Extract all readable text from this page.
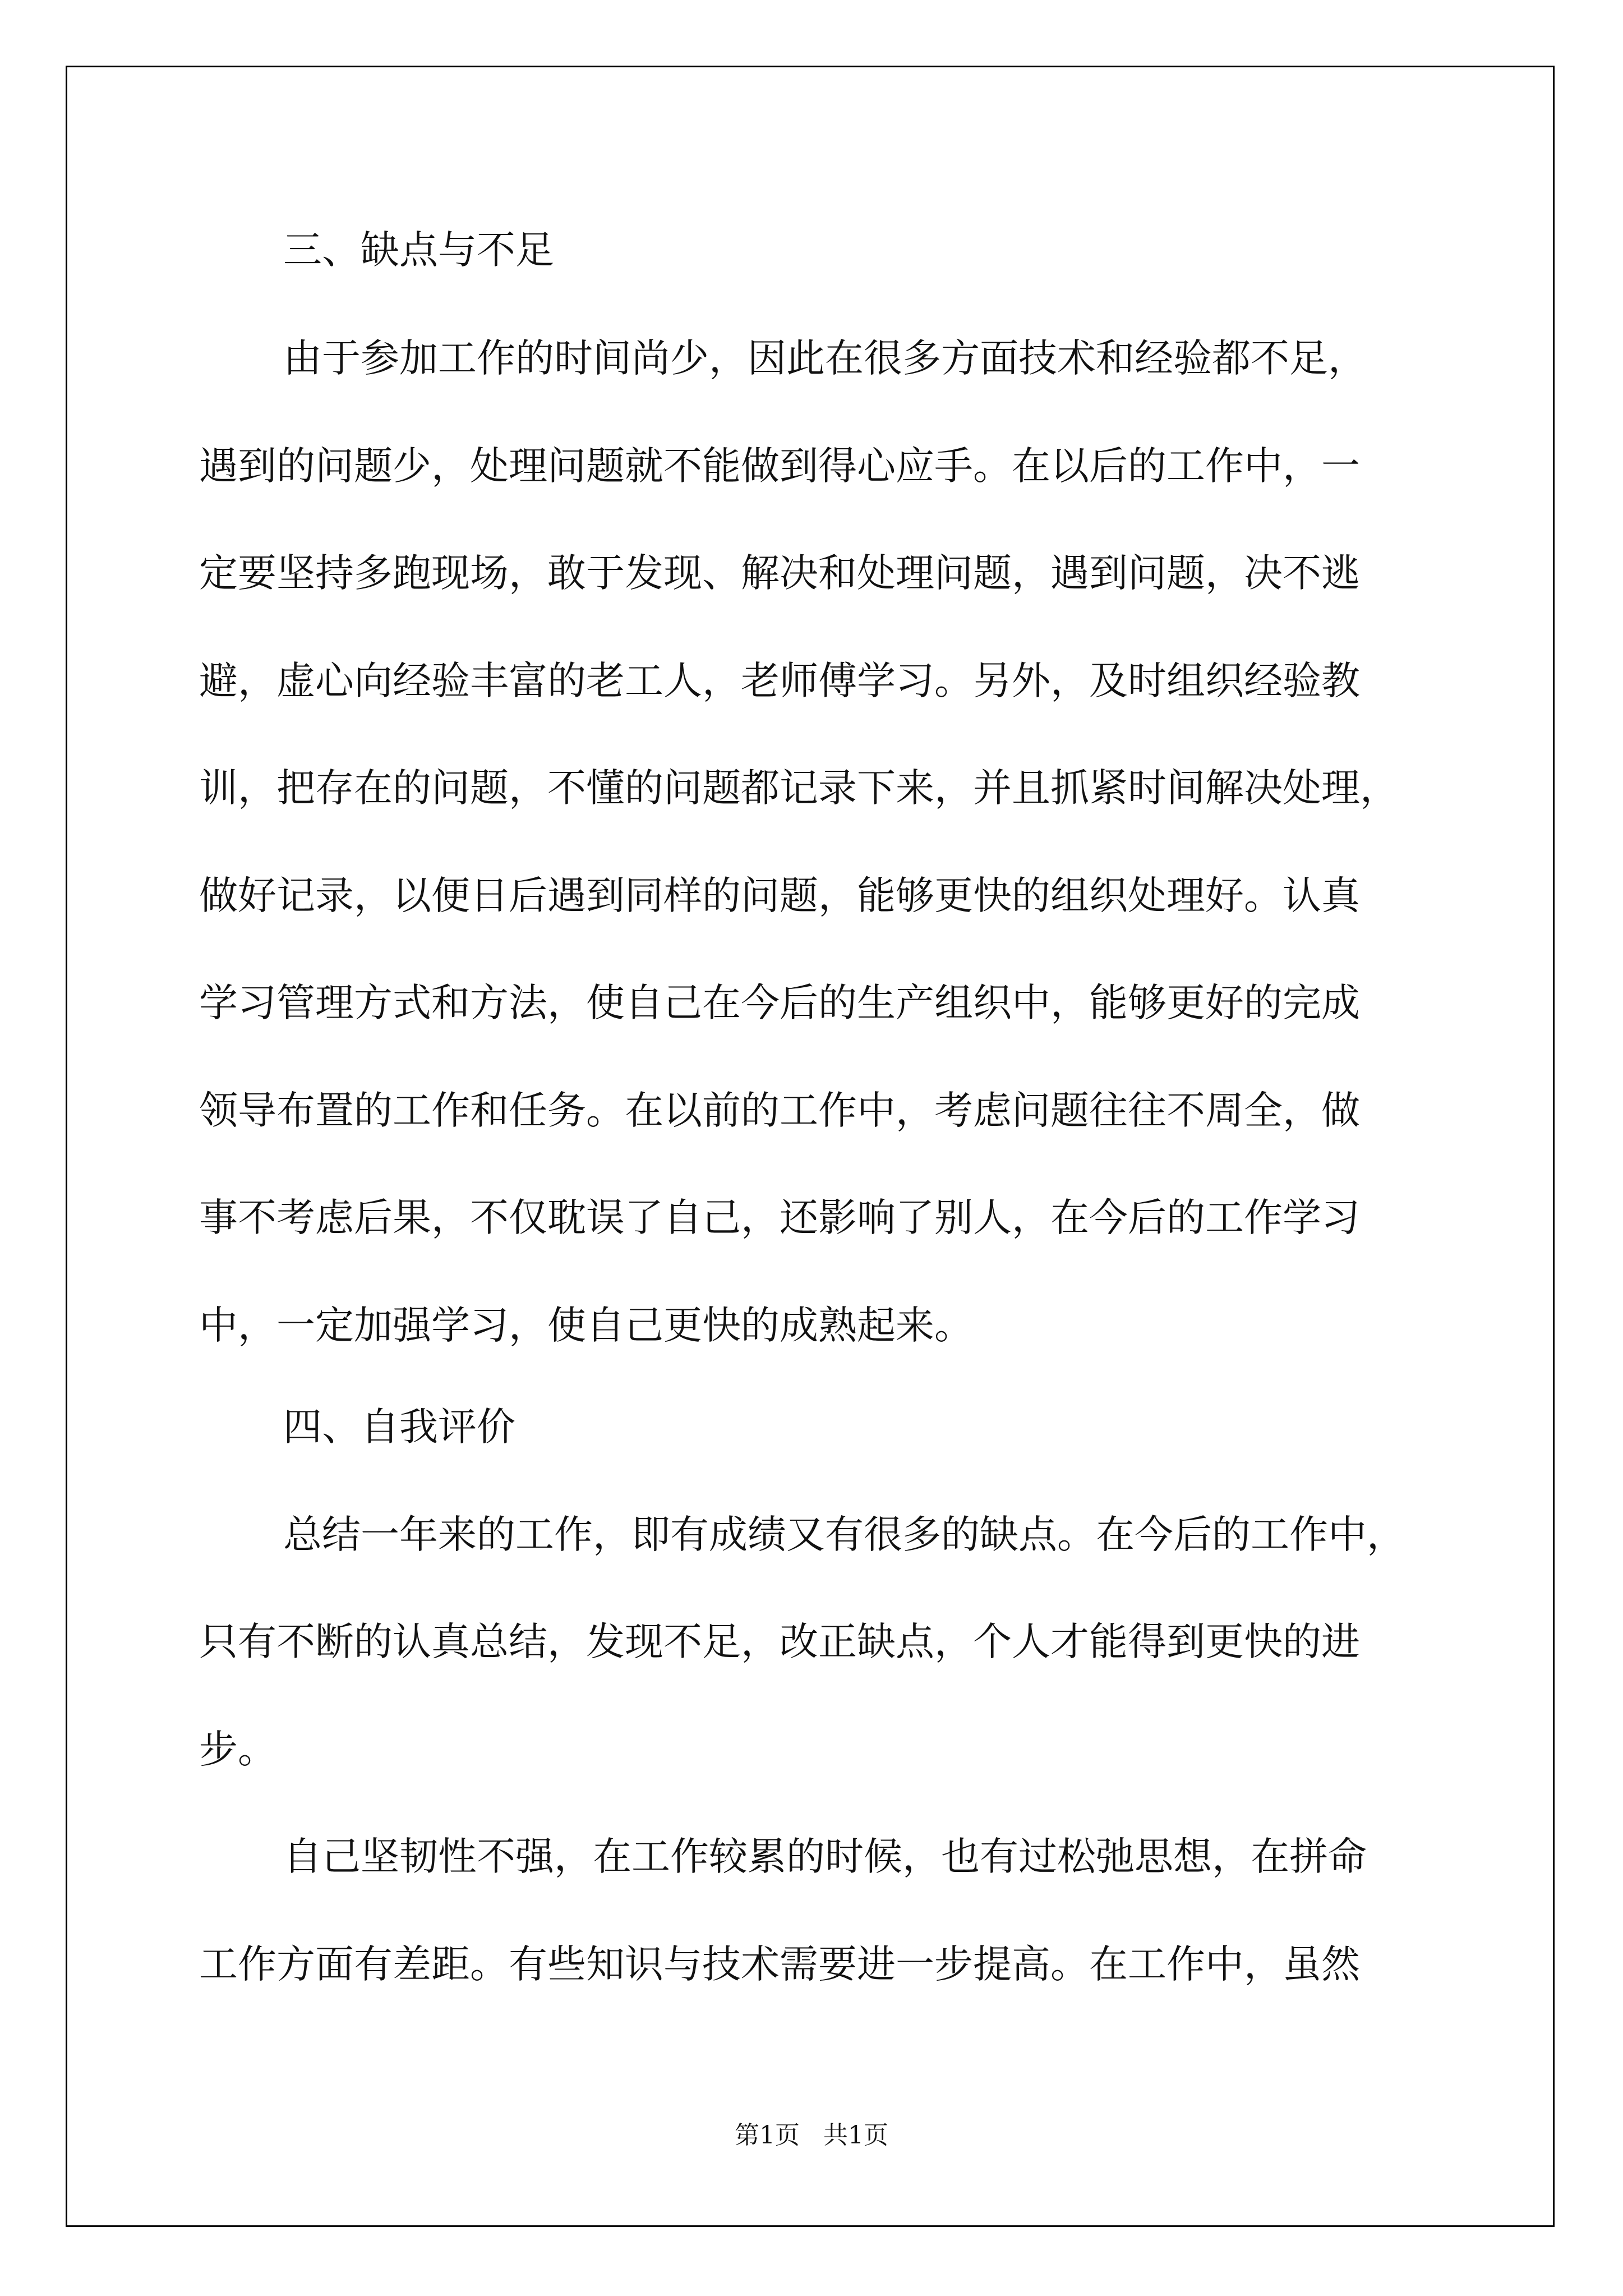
三、缺点与不足
由于参加工作的时间尚少，因此在很多方面技术和经验都不足，
遇到的问题少，处理问题就不能做到得心应手。在以后的工作中，一
定要坚持多跑现场，敢于发现、解决和处理问题，遇到问题，决不逃
避，虚心向经验丰富的老工人，老师傅学习。另外，及时组织经验教
训，把存在的问题，不懂的问题都记录下来，并且抓紧时间解决处理，
做好记录，以便日后遇到同样的问题，能够更快的组织处理好。认真
学习管理方式和方法，使自己在今后的生产组织中，能够更好的完成
领导布置的工作和任务。在以前的工作中，考虑问题往往不周全，做
事不考虑后果，不仅耽误了自己，还影响了别人，在今后的工作学习
中，一定加强学习，使自己更快的成熟起来。
四、自我评价
总结一年来的工作，即有成绩又有很多的缺点。在今后的工作中，
只有不断的认真总结，发现不足，改正缺点，个人才能得到更快的进
步。
自己坚韧性不强，在工作较累的时候，也有过松弛思想，在拼命
工作方面有差距。有些知识与技术需要进一步提高。在工作中，虽然
第1页   共1页
